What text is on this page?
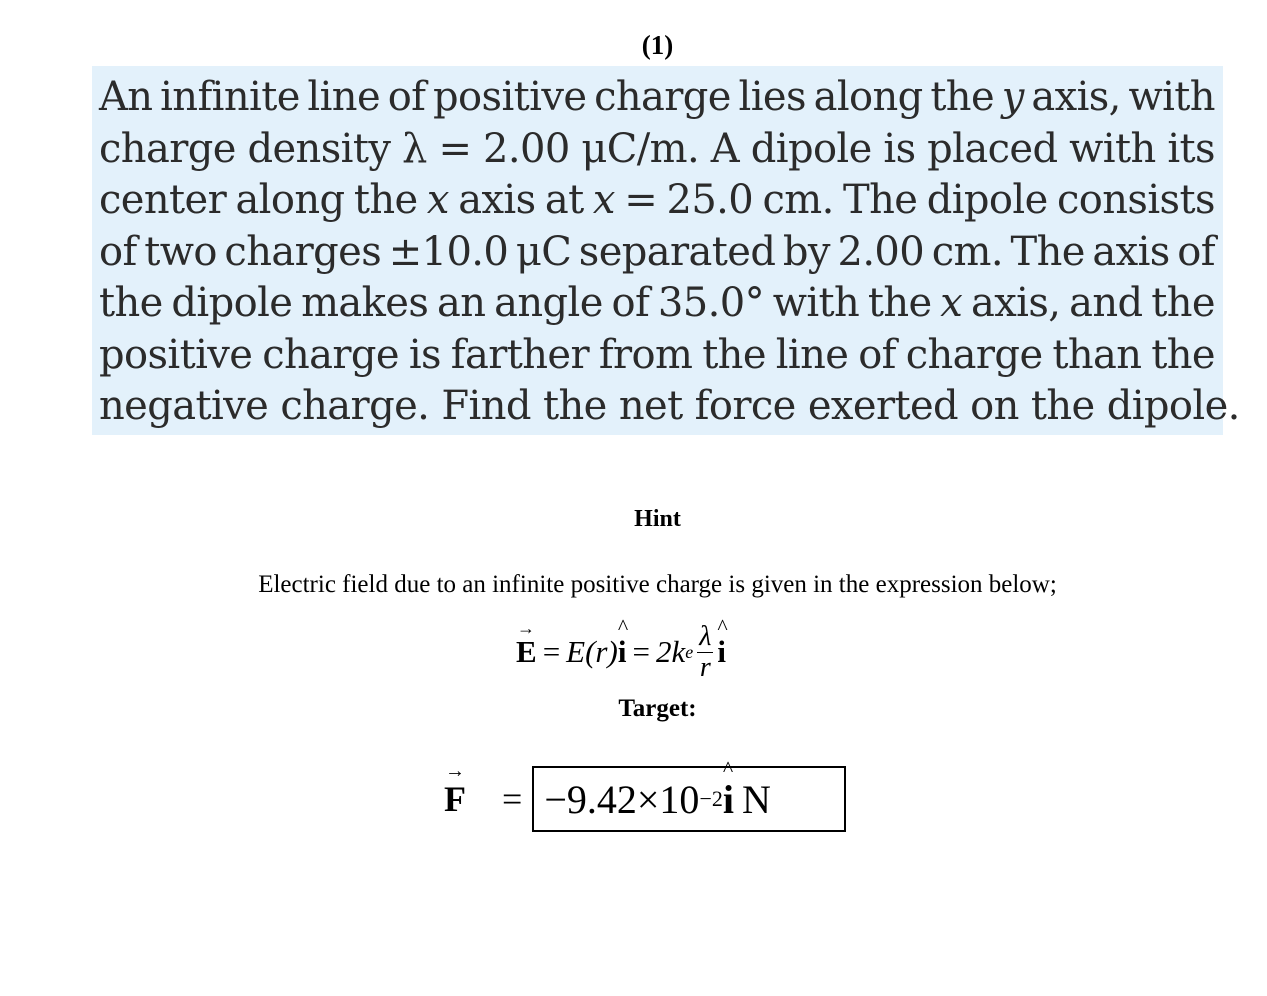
(1)
An infinite line of positive charge lies along the y axis, with
charge density λ = 2.00 μC/m. A dipole is placed with its
center along the x axis at x = 25.0 cm. The dipole consists
of two charges ±10.0 μC separated by 2.00 cm. The axis of
the dipole makes an angle of 35.0° with the x axis, and the
positive charge is farther from the line of charge than the
negative charge. Find the net force exerted on the dipole.
Hint
Electric field due to an infinite positive charge is given in the expression below;
E
→
= E (r) i
^
= 2k e $\frac{\lambda}{r}$ i
^
Target:
F
→
= −9.42×10 −2 i
^
N
